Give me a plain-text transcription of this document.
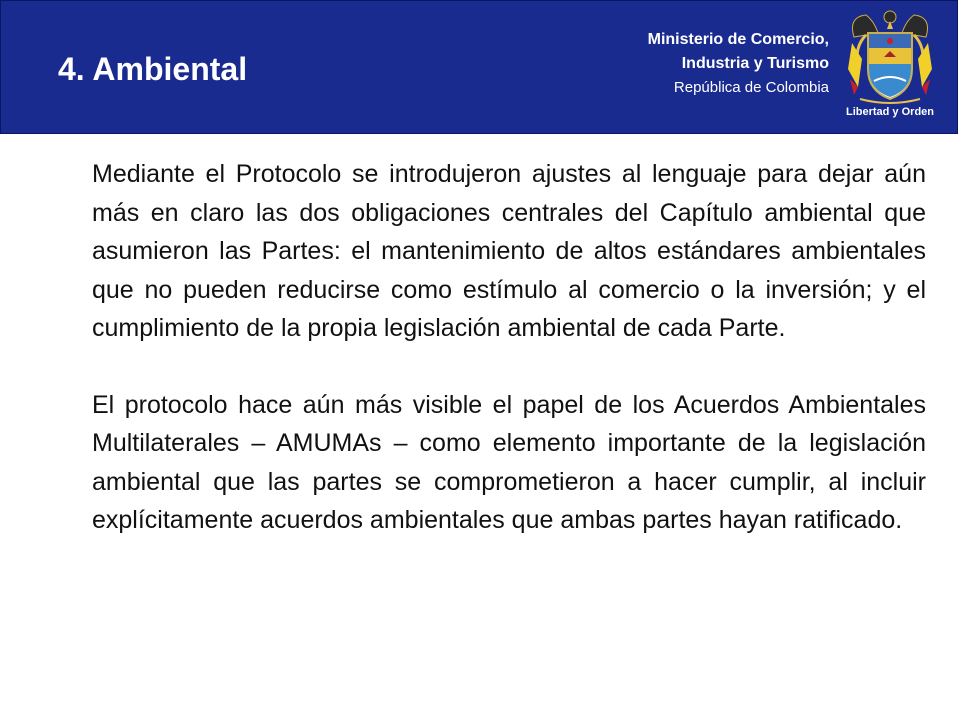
4. Ambiental
Ministerio de Comercio,
Industria y Turismo
República de Colombia
Libertad y Orden

Mediante el Protocolo se introdujeron ajustes al lenguaje para dejar aún más en claro las dos obligaciones centrales del Capítulo ambiental que asumieron las Partes: el mantenimiento de altos estándares ambientales que no pueden reducirse como estímulo al comercio o la inversión; y el cumplimiento de la propia legislación ambiental de cada Parte.

El protocolo hace aún más visible el papel de los Acuerdos Ambientales Multilaterales – AMUMAs – como elemento importante de la legislación ambiental que las partes se comprometieron a hacer cumplir, al incluir explícitamente acuerdos ambientales que ambas partes hayan ratificado.
